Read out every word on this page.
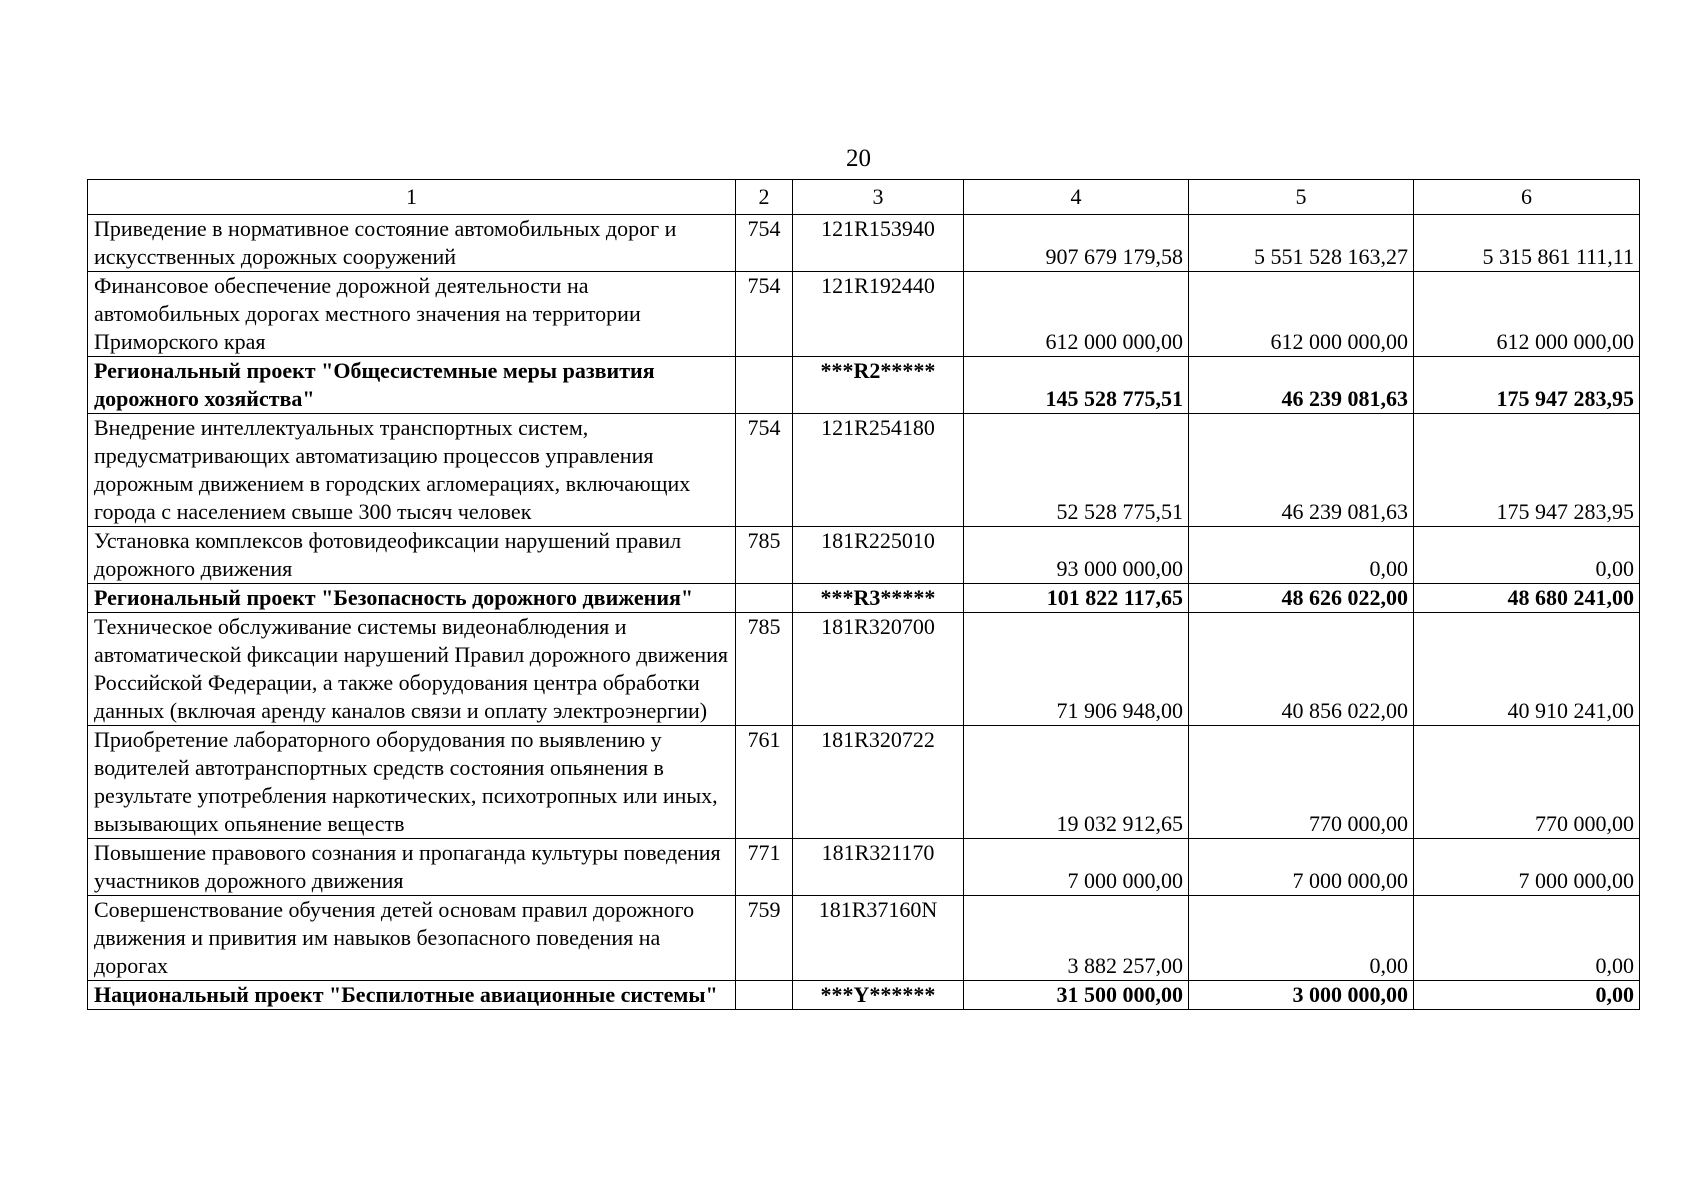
20
1	2	3	4	5	6
Приведение в нормативное состояние автомобильных дорог и искусственных дорожных сооружений	754	121R153940	907 679 179,58	5 551 528 163,27	5 315 861 111,11
Финансовое обеспечение дорожной деятельности на автомобильных дорогах местного значения на территории Приморского края	754	121R192440	612 000 000,00	612 000 000,00	612 000 000,00
Региональный проект "Общесистемные меры развития дорожного хозяйства"		***R2*****	145 528 775,51	46 239 081,63	175 947 283,95
Внедрение интеллектуальных транспортных систем, предусматривающих автоматизацию процессов управления дорожным движением в городских агломерациях, включающих города с населением свыше 300 тысяч человек	754	121R254180	52 528 775,51	46 239 081,63	175 947 283,95
Установка комплексов фотовидеофиксации нарушений правил дорожного движения	785	181R225010	93 000 000,00	0,00	0,00
Региональный проект "Безопасность дорожного движения"		***R3*****	101 822 117,65	48 626 022,00	48 680 241,00
Техническое обслуживание системы видеонаблюдения и автоматической фиксации нарушений Правил дорожного движения Российской Федерации, а также оборудования центра обработки данных (включая аренду каналов связи и оплату электроэнергии)	785	181R320700	71 906 948,00	40 856 022,00	40 910 241,00
Приобретение лабораторного оборудования по выявлению у водителей автотранспортных средств состояния опьянения в результате употребления наркотических, психотропных или иных, вызывающих опьянение веществ	761	181R320722	19 032 912,65	770 000,00	770 000,00
Повышение правового сознания и пропаганда культуры поведения участников дорожного движения	771	181R321170	7 000 000,00	7 000 000,00	7 000 000,00
Совершенствование обучения детей основам правил дорожного движения и привития им навыков безопасного поведения на дорогах	759	181R37160N	3 882 257,00	0,00	0,00
Национальный проект "Беспилотные авиационные системы"		***Y******	31 500 000,00	3 000 000,00	0,00
